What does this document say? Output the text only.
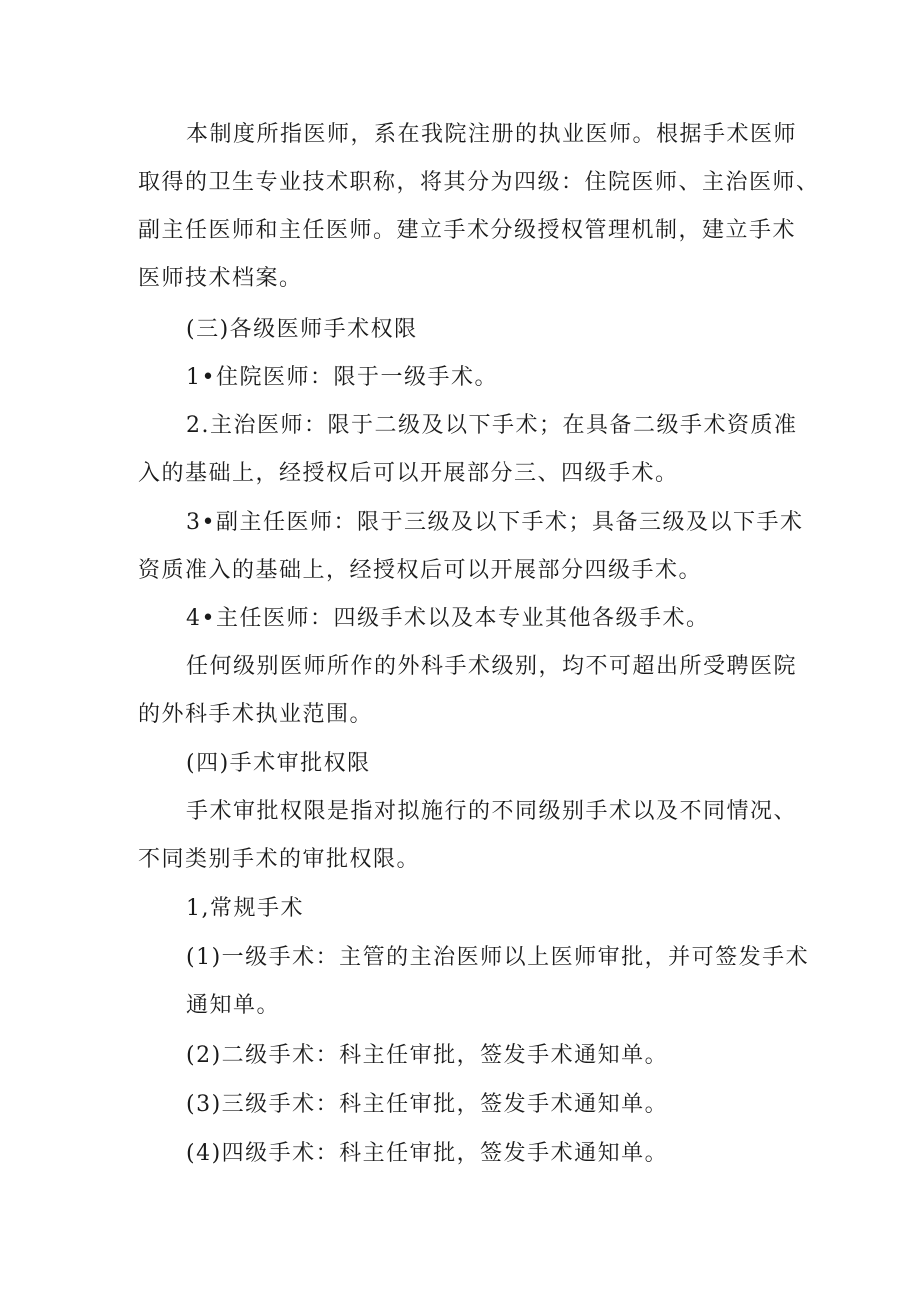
本制度所指医师，系在我院注册的执业医师。根据手术医师
取得的卫生专业技术职称，将其分为四级：住院医师、主治医师、
副主任医师和主任医师。建立手术分级授权管理机制，建立手术
医师技术档案。

(三)各级医师手术权限

1•住院医师：限于一级手术。

2.主治医师：限于二级及以下手术；在具备二级手术资质准
入的基础上，经授权后可以开展部分三、四级手术。

3•副主任医师：限于三级及以下手术；具备三级及以下手术
资质准入的基础上，经授权后可以开展部分四级手术。

4•主任医师：四级手术以及本专业其他各级手术。

任何级别医师所作的外科手术级别，均不可超出所受聘医院
的外科手术执业范围。

(四)手术审批权限

手术审批权限是指对拟施行的不同级别手术以及不同情况、
不同类别手术的审批权限。

1,常规手术

(1)一级手术：主管的主治医师以上医师审批，并可签发手术
通知单。

(2)二级手术：科主任审批，签发手术通知单。

(3)三级手术：科主任审批，签发手术通知单。

(4)四级手术：科主任审批，签发手术通知单。
